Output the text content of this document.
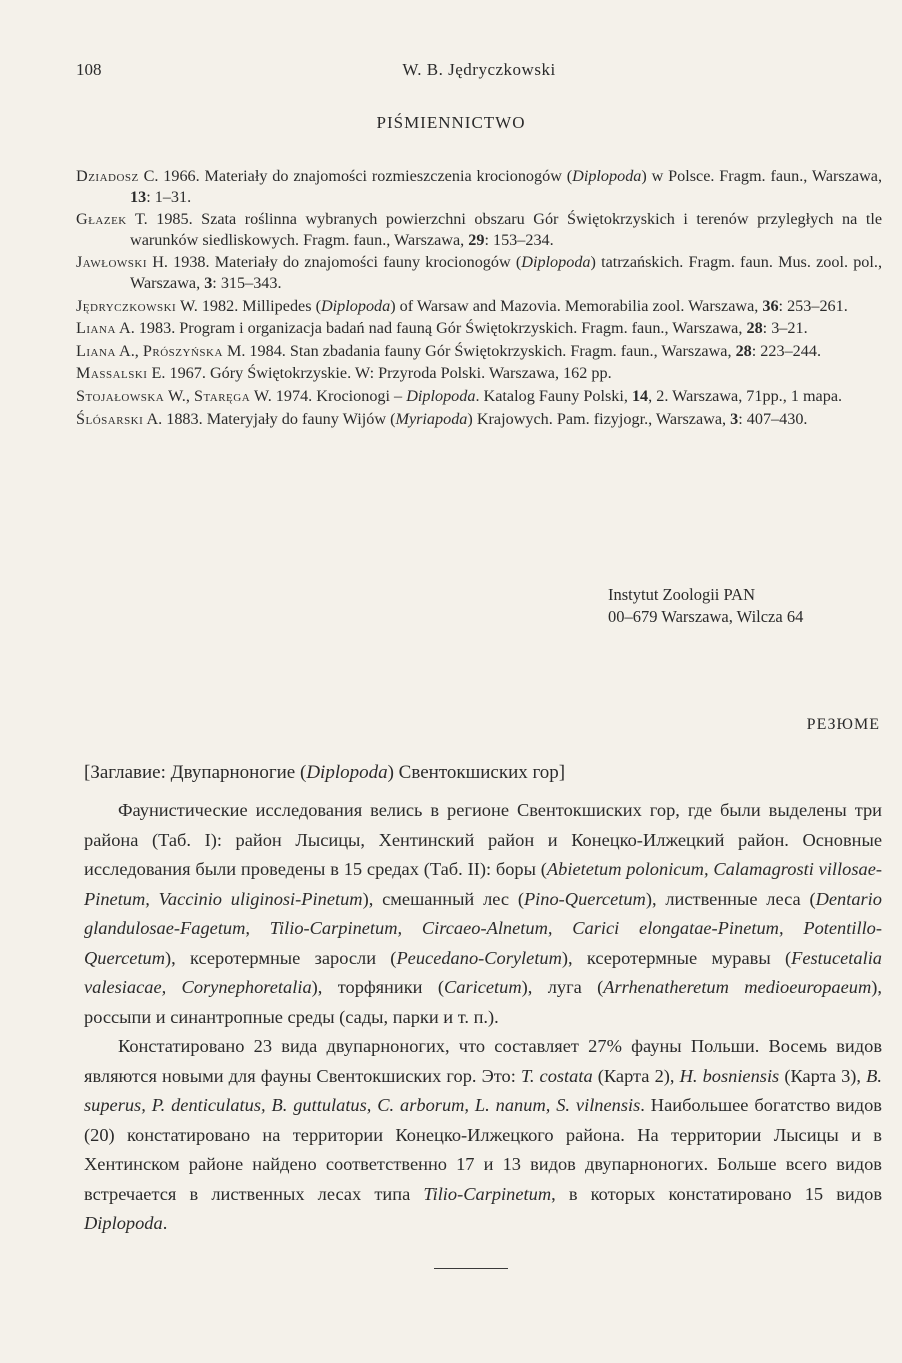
108	W. B. Jędryczkowski
PIŚMIENNICTWO
Dziadosz C. 1966. Materiały do znajomości rozmieszczenia krocionogów (Diplopoda) w Polsce. Fragm. faun., Warszawa, 13: 1–31.
Głazek T. 1985. Szata roślinna wybranych powierzchni obszaru Gór Świętokrzyskich i terenów przyległych na tle warunków siedliskowych. Fragm. faun., Warszawa, 29: 153–234.
Jawłowski H. 1938. Materiały do znajomości fauny krocionogów (Diplopoda) tatrzańskich. Fragm. faun. Mus. zool. pol., Warszawa, 3: 315–343.
Jędryczkowski W. 1982. Millipedes (Diplopoda) of Warsaw and Mazovia. Memorabilia zool. Warszawa, 36: 253–261.
Liana A. 1983. Program i organizacja badań nad fauną Gór Świętokrzyskich. Fragm. faun., Warszawa, 28: 3–21.
Liana A., Prószyńska M. 1984. Stan zbadania fauny Gór Świętokrzyskich. Fragm. faun., Warszawa, 28: 223–244.
Massalski E. 1967. Góry Świętokrzyskie. W: Przyroda Polski. Warszawa, 162 pp.
Stojałowska W., Staręga W. 1974. Krocionogi – Diplopoda. Katalog Fauny Polski, 14, 2. Warszawa, 71pp., 1 mapa.
Ślósarski A. 1883. Materyjały do fauny Wijów (Myriapoda) Krajowych. Pam. fizyjogr., Warszawa, 3: 407–430.
Instytut Zoologii PAN
00–679 Warszawa, Wilcza 64
РЕЗЮМЕ
[Заглавие: Двупарноногие (Diplopoda) Свентокшиских гор]

Фаунистические исследования велись в регионе Свентокшиских гор, где были выделены три района (Таб. I): район Лысицы, Хентинский район и Конецко-Илжецкий район. Основные исследования были проведены в 15 средах (Таб. II): боры (Abietetum polonicum, Calamagrosti villosae-Pinetum, Vaccinio uliginosi-Pinetum), смешанный лес (Pino-Quercetum), лиственные леса (Dentario glandulosae-Fagetum, Tilio-Carpinetum, Circaeo-Alnetum, Carici elongatae-Pinetum, Potentillo-Quercetum), ксеротермные заросли (Peucedano-Coryletum), ксеротермные муравы (Festucetalia valesiacae, Corynephoretalia), торфяники (Caricetum), луга (Arrhenatheretum medioeuropaeum), россыпи и синантропные среды (сады, парки и т. п.).

Констатировано 23 вида двупарноногих, что составляет 27% фауны Польши. Восемь видов являются новыми для фауны Свентокшиских гор. Это: T. costata (Карта 2), H. bosniensis (Карта 3), B. superus, P. denticulatus, B. guttulatus, C. arborum, L. nanum, S. vilnensis. Наибольшее богатство видов (20) констатировано на территории Конецко-Илжецкого района. На территории Лысицы и в Хентинском районе найдено соответственно 17 и 13 видов двупарноногих. Больше всего видов встречается в лиственных лесах типа Tilio-Carpinetum, в которых констатировано 15 видов Diplopoda.
